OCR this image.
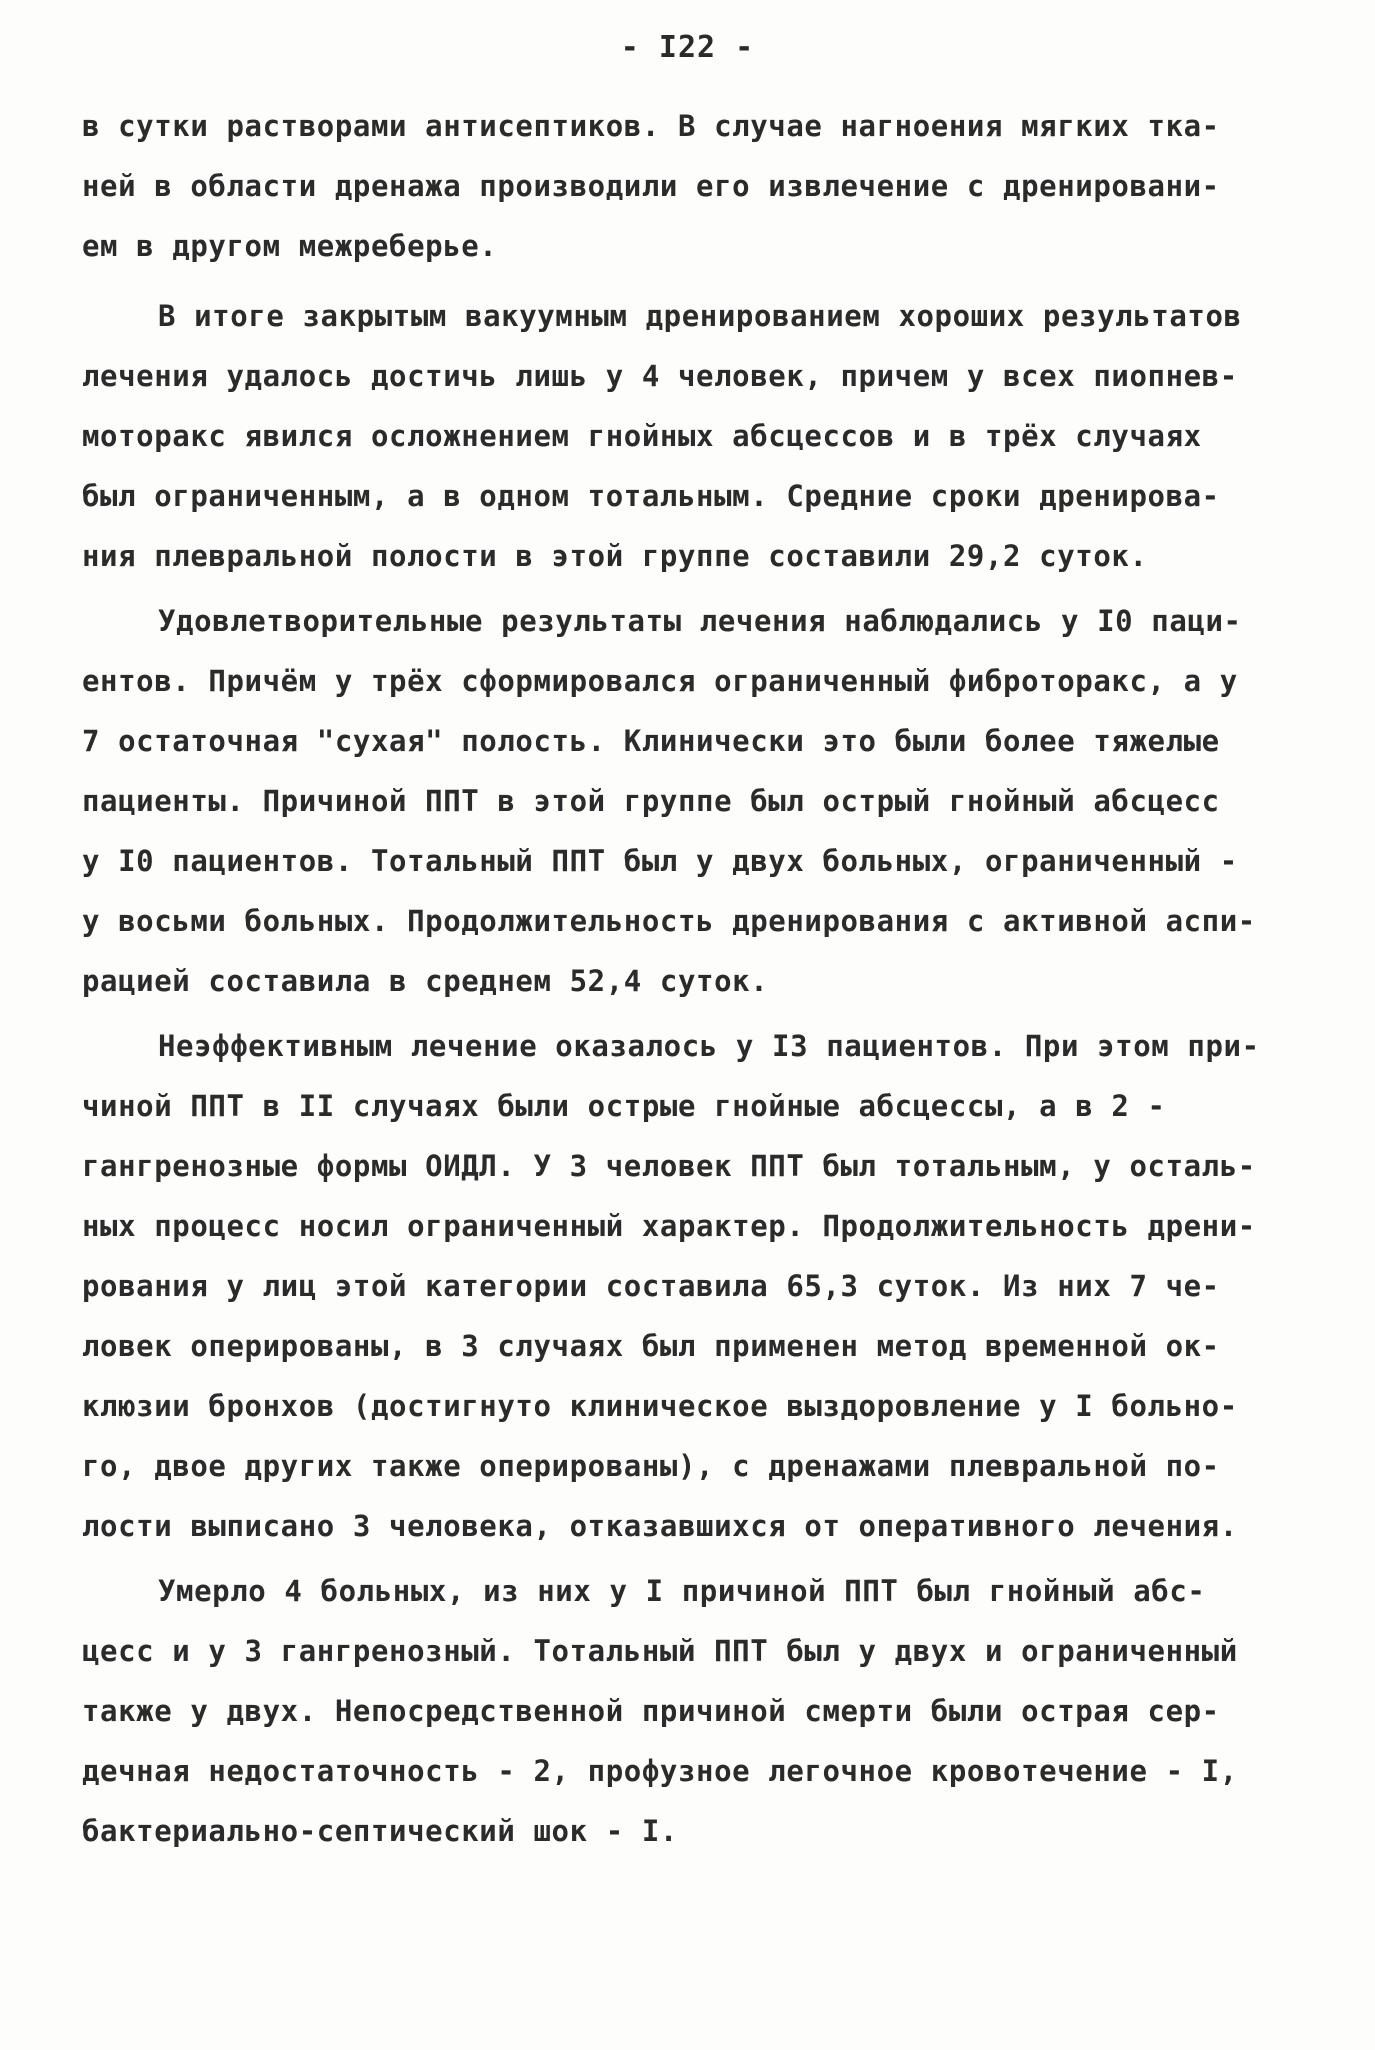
- I22 -
в сутки растворами антисептиков. В случае нагноения мягких тка-
ней в области дренажа производили его извлечение с дренировани-
ем в другом межреберье.
В итоге закрытым вакуумным дренированием хороших результатов
лечения удалось достичь лишь у 4 человек, причем у всех пиопнев-
моторакс явился осложнением гнойных абсцессов и в трёх случаях
был ограниченным, а в одном тотальным. Средние сроки дренирова-
ния плевральной полости в этой группе составили 29,2 суток.
Удовлетворительные результаты лечения наблюдались у I0 паци-
ентов. Причём у трёх сформировался ограниченный фиброторакс, а у
7 остаточная "сухая" полость. Клинически это были более тяжелые
пациенты. Причиной ППТ в этой группе был острый гнойный абсцесс
у I0 пациентов. Тотальный ППТ был у двух больных, ограниченный -
у восьми больных. Продолжительность дренирования с активной аспи-
рацией составила в среднем 52,4 суток.
Неэффективным лечение оказалось у I3 пациентов. При этом при-
чиной ППТ в II случаях были острые гнойные абсцессы, а в 2 -
гангренозные формы ОИДЛ. У 3 человек ППТ был тотальным, у осталь-
ных процесс носил ограниченный характер. Продолжительность дрени-
рования у лиц этой категории составила 65,3 суток. Из них 7 че-
ловек оперированы, в 3 случаях был применен метод временной ок-
клюзии бронхов (достигнуто клиническое выздоровление у I больно-
го, двое других также оперированы), с дренажами плевральной по-
лости выписано 3 человека, отказавшихся от оперативного лечения.
Умерло 4 больных, из них у I причиной ППТ был гнойный абс-
цесс и у 3 гангренозный. Тотальный ППТ был у двух и ограниченный
также у двух. Непосредственной причиной смерти были острая сер-
дечная недостаточность - 2, профузное легочное кровотечение - I,
бактериально-септический шок - I.
